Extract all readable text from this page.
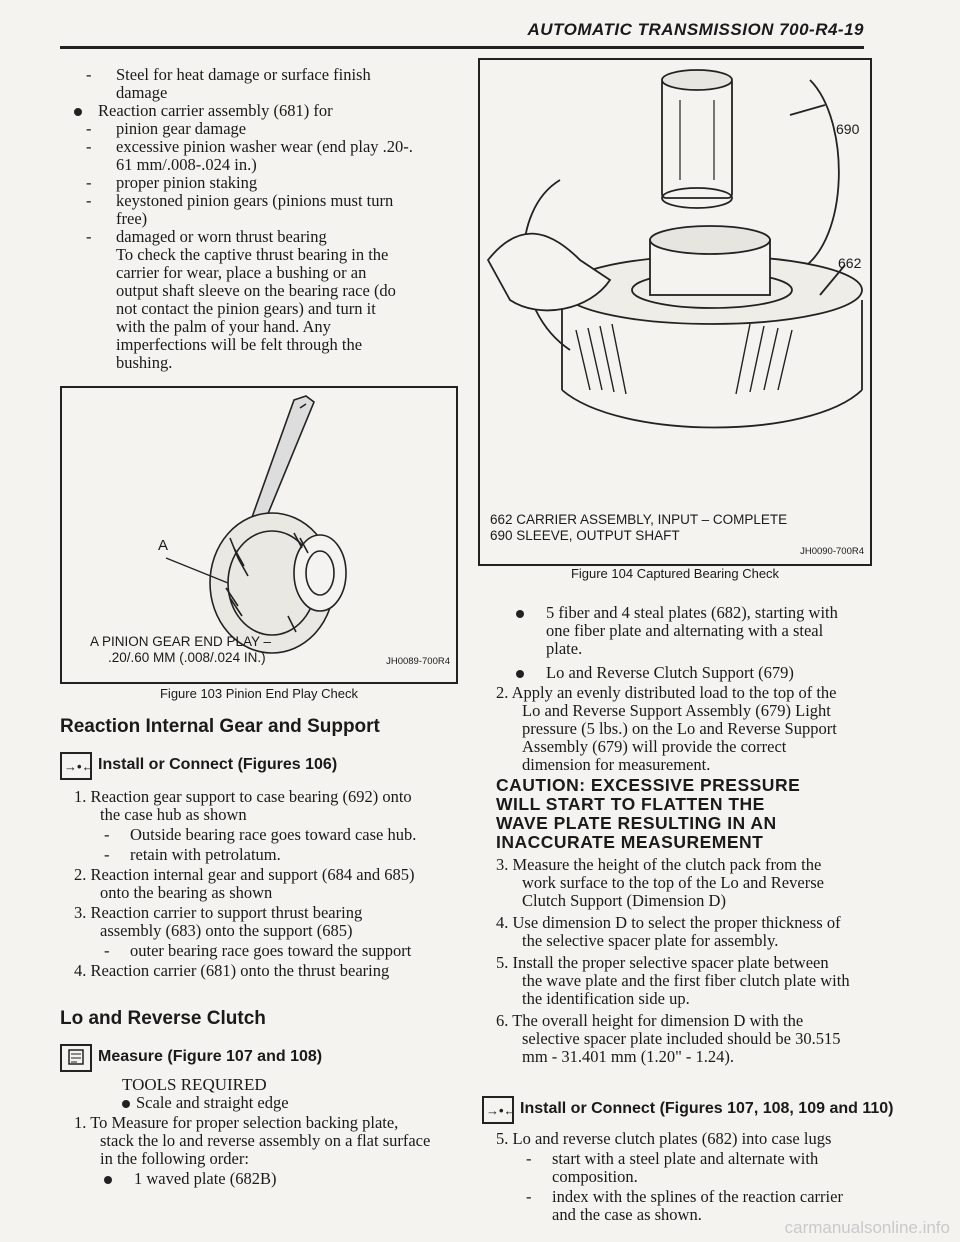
AUTOMATIC TRANSMISSION 700-R4-19
- Steel for heat damage or surface finish
damage
Reaction carrier assembly (681) for
- pinion gear damage
- excessive pinion washer wear (end play .20-.
61 mm/.008-.024 in.)
- proper pinion staking
- keystoned pinion gears (pinions must turn
free)
- damaged or worn thrust bearing
To check the captive thrust bearing in the
carrier for wear, place a bushing or an
output shaft sleeve on the bearing race (do
not contact the pinion gears) and turn it
with the palm of your hand. Any
imperfections will be felt through the
bushing.
A
A PINION GEAR END PLAY –
.20/.60 MM (.008/.024 IN.)	JH0089-700R4
Figure 103 Pinion End Play Check
Reaction Internal Gear and Support
→•← Install or Connect (Figures 106)
1. Reaction gear support to case bearing (692) onto
the case hub as shown
- Outside bearing race goes toward case hub.
- retain with petrolatum.
2. Reaction internal gear and support (684 and 685)
onto the bearing as shown
3. Reaction carrier to support thrust bearing
assembly (683) onto the support (685)
- outer bearing race goes toward the support
4. Reaction carrier (681) onto the thrust bearing
Lo and Reverse Clutch
Measure (Figure 107 and 108)
TOOLS REQUIRED
Scale and straight edge
1. To Measure for proper selection backing plate,
stack the lo and reverse assembly on a flat surface
in the following order:
1 waved plate (682B)
690
662
662 CARRIER ASSEMBLY, INPUT – COMPLETE
690 SLEEVE, OUTPUT SHAFT
JH0090-700R4
Figure 104 Captured Bearing Check
5 fiber and 4 steal plates (682), starting with
one fiber plate and alternating with a steal
plate.
Lo and Reverse Clutch Support (679)
2. Apply an evenly distributed load to the top of the
Lo and Reverse Support Assembly (679) Light
pressure (5 lbs.) on the Lo and Reverse Support
Assembly (679) will provide the correct
dimension for measurement.
CAUTION: EXCESSIVE PRESSURE
WILL START TO FLATTEN THE
WAVE PLATE RESULTING IN AN
INACCURATE MEASUREMENT
3. Measure the height of the clutch pack from the
work surface to the top of the Lo and Reverse
Clutch Support (Dimension D)
4. Use dimension D to select the proper thickness of
the selective spacer plate for assembly.
5. Install the proper selective spacer plate between
the wave plate and the first fiber clutch plate with
the identification side up.
6. The overall height for dimension D with the
selective spacer plate included should be 30.515
mm - 31.401 mm (1.20" - 1.24).
→•← Install or Connect (Figures 107, 108, 109 and 110)
5. Lo and reverse clutch plates (682) into case lugs
- start with a steel plate and alternate with
composition.
- index with the splines of the reaction carrier
and the case as shown.
carmanualsonline.info
